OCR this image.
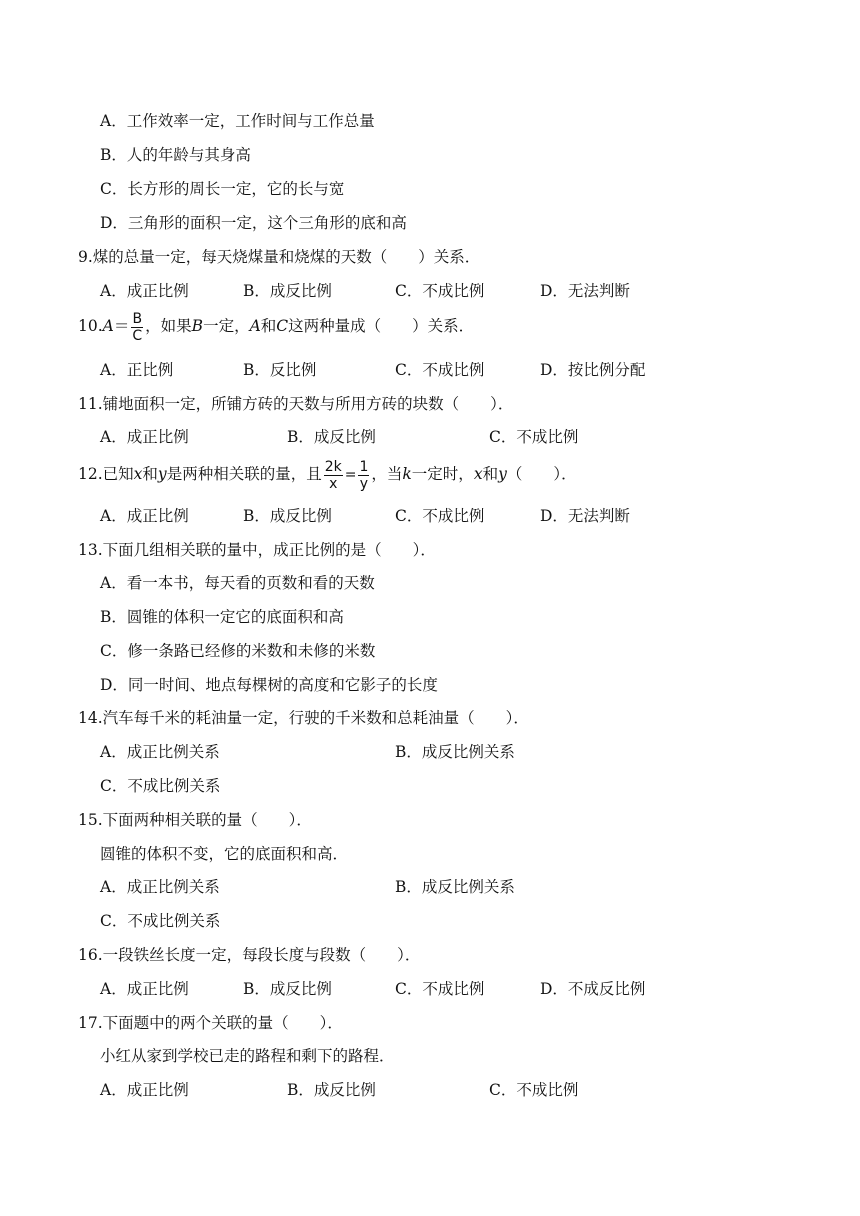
A．工作效率一定，工作时间与工作总量
B．人的年龄与其身高
C．长方形的周长一定，它的长与宽
D．三角形的面积一定，这个三角形的底和高
9.煤的总量一定，每天烧煤量和烧煤的天数（　　）关系．
A．成正比例	B．成反比例	C．不成比例	D．无法判断
$10.A= \frac{B}{C}$ ，如果B一定，A和C这两种量成（　　）关系．
A．正比例	B．反比例	C．不成比例	D．按比例分配
11.铺地面积一定，所铺方砖的天数与所用方砖的块数（　　）．
A．成正比例	B．成反比例	C．不成比例
12.已知x和y是两种相关联的量，且 $\frac{2k}{x} = \frac{1}{y}$ ，当k一定时，x和y（　　）．
A．成正比例	B．成反比例	C．不成比例	D．无法判断
13.下面几组相关联的量中，成正比例的是（　　）．
A．看一本书，每天看的页数和看的天数
B．圆锥的体积一定它的底面积和高
C．修一条路已经修的米数和未修的米数
D．同一时间、地点每棵树的高度和它影子的长度
14.汽车每千米的耗油量一定，行驶的千米数和总耗油量（　　）．
A．成正比例关系	B．成反比例关系
C．不成比例关系
15.下面两种相关联的量（　　）．
圆锥的体积不变，它的底面积和高．
A．成正比例关系	B．成反比例关系
C．不成比例关系
16.一段铁丝长度一定，每段长度与段数（　　）．
A．成正比例	B．成反比例	C．不成比例	D．不成反比例
17.下面题中的两个关联的量（　　）．
小红从家到学校已走的路程和剩下的路程．
A．成正比例	B．成反比例	C．不成比例
